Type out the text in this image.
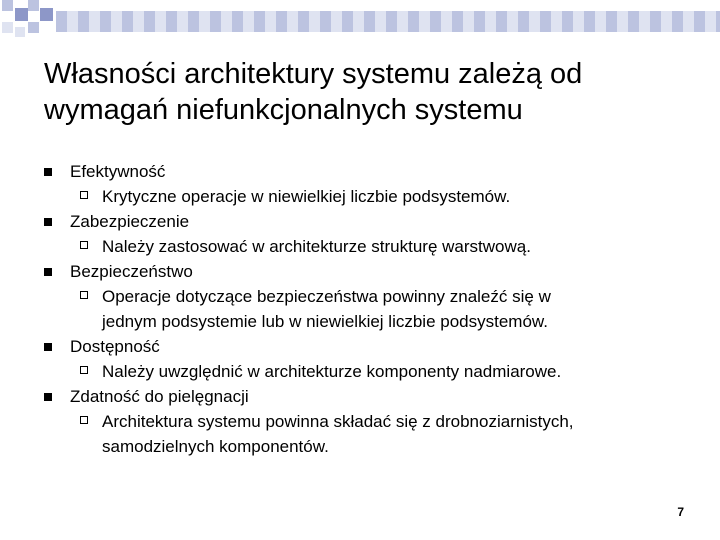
Własności architektury systemu zależą od
wymagań niefunkcjonalnych systemu
Efektywność
Krytyczne operacje w niewielkiej liczbie podsystemów.
Zabezpieczenie
Należy zastosować w architekturze strukturę warstwową.
Bezpieczeństwo
Operacje dotyczące bezpieczeństwa powinny znaleźć się w
jednym podsystemie lub w niewielkiej liczbie podsystemów.
Dostępność
Należy uwzględnić w architekturze komponenty nadmiarowe.
Zdatność do pielęgnacji
Architektura systemu powinna składać się z drobnoziarnistych,
samodzielnych komponentów.
7
